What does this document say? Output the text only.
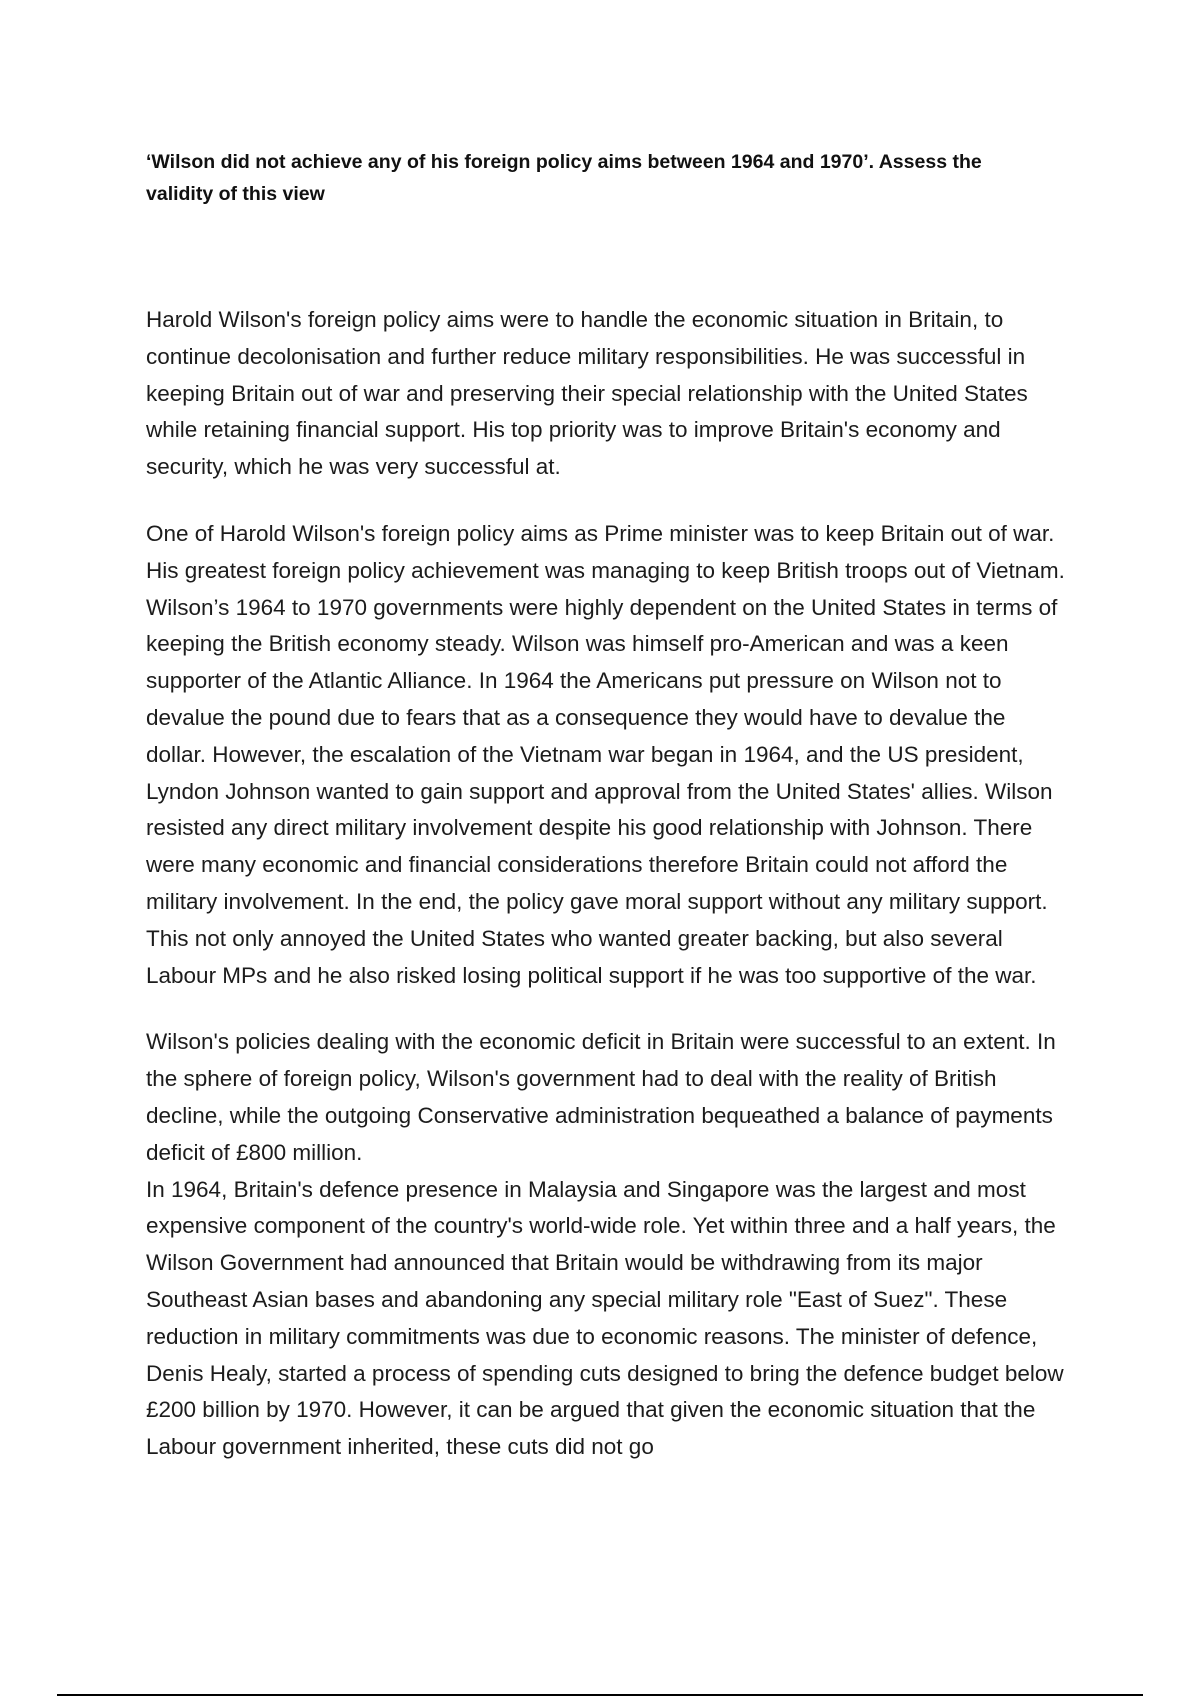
‘Wilson did not achieve any of his foreign policy aims between 1964 and 1970’. Assess the validity of this view

Harold Wilson's foreign policy aims were to handle the economic situation in Britain, to continue decolonisation and further reduce military responsibilities. He was successful in keeping Britain out of war and preserving their special relationship with the United States while retaining financial support. His top priority was to improve Britain's economy and security, which he was very successful at.

One of Harold Wilson's foreign policy aims as Prime minister was to keep Britain out of war. His greatest foreign policy achievement was managing to keep British troops out of Vietnam. Wilson’s 1964 to 1970 governments were highly dependent on the United States in terms of keeping the British economy steady. Wilson was himself pro-American and was a keen supporter of the Atlantic Alliance. In 1964 the Americans put pressure on Wilson not to devalue the pound due to fears that as a consequence they would have to devalue the dollar. However, the escalation of the Vietnam war began in 1964, and the US president, Lyndon Johnson wanted to gain support and approval from the United States' allies. Wilson resisted any direct military involvement despite his good relationship with Johnson. There were many economic and financial considerations therefore Britain could not afford the military involvement. In the end, the policy gave moral support without any military support. This not only annoyed the United States who wanted greater backing, but also several Labour MPs and he also risked losing political support if he was too supportive of the war.

Wilson's policies dealing with the economic deficit in Britain were successful to an extent. In the sphere of foreign policy, Wilson's government had to deal with the reality of British decline, while the outgoing Conservative administration bequeathed a balance of payments deficit of £800 million.

In 1964, Britain's defence presence in Malaysia and Singapore was the largest and most expensive component of the country's world-wide role. Yet within three and a half years, the Wilson Government had announced that Britain would be withdrawing from its major Southeast Asian bases and abandoning any special military role "East of Suez". These reduction in military commitments was due to economic reasons. The minister of defence, Denis Healy, started a process of spending cuts designed to bring the defence budget below £200 billion by 1970. However, it can be argued that given the economic situation that the Labour government inherited, these cuts did not go
